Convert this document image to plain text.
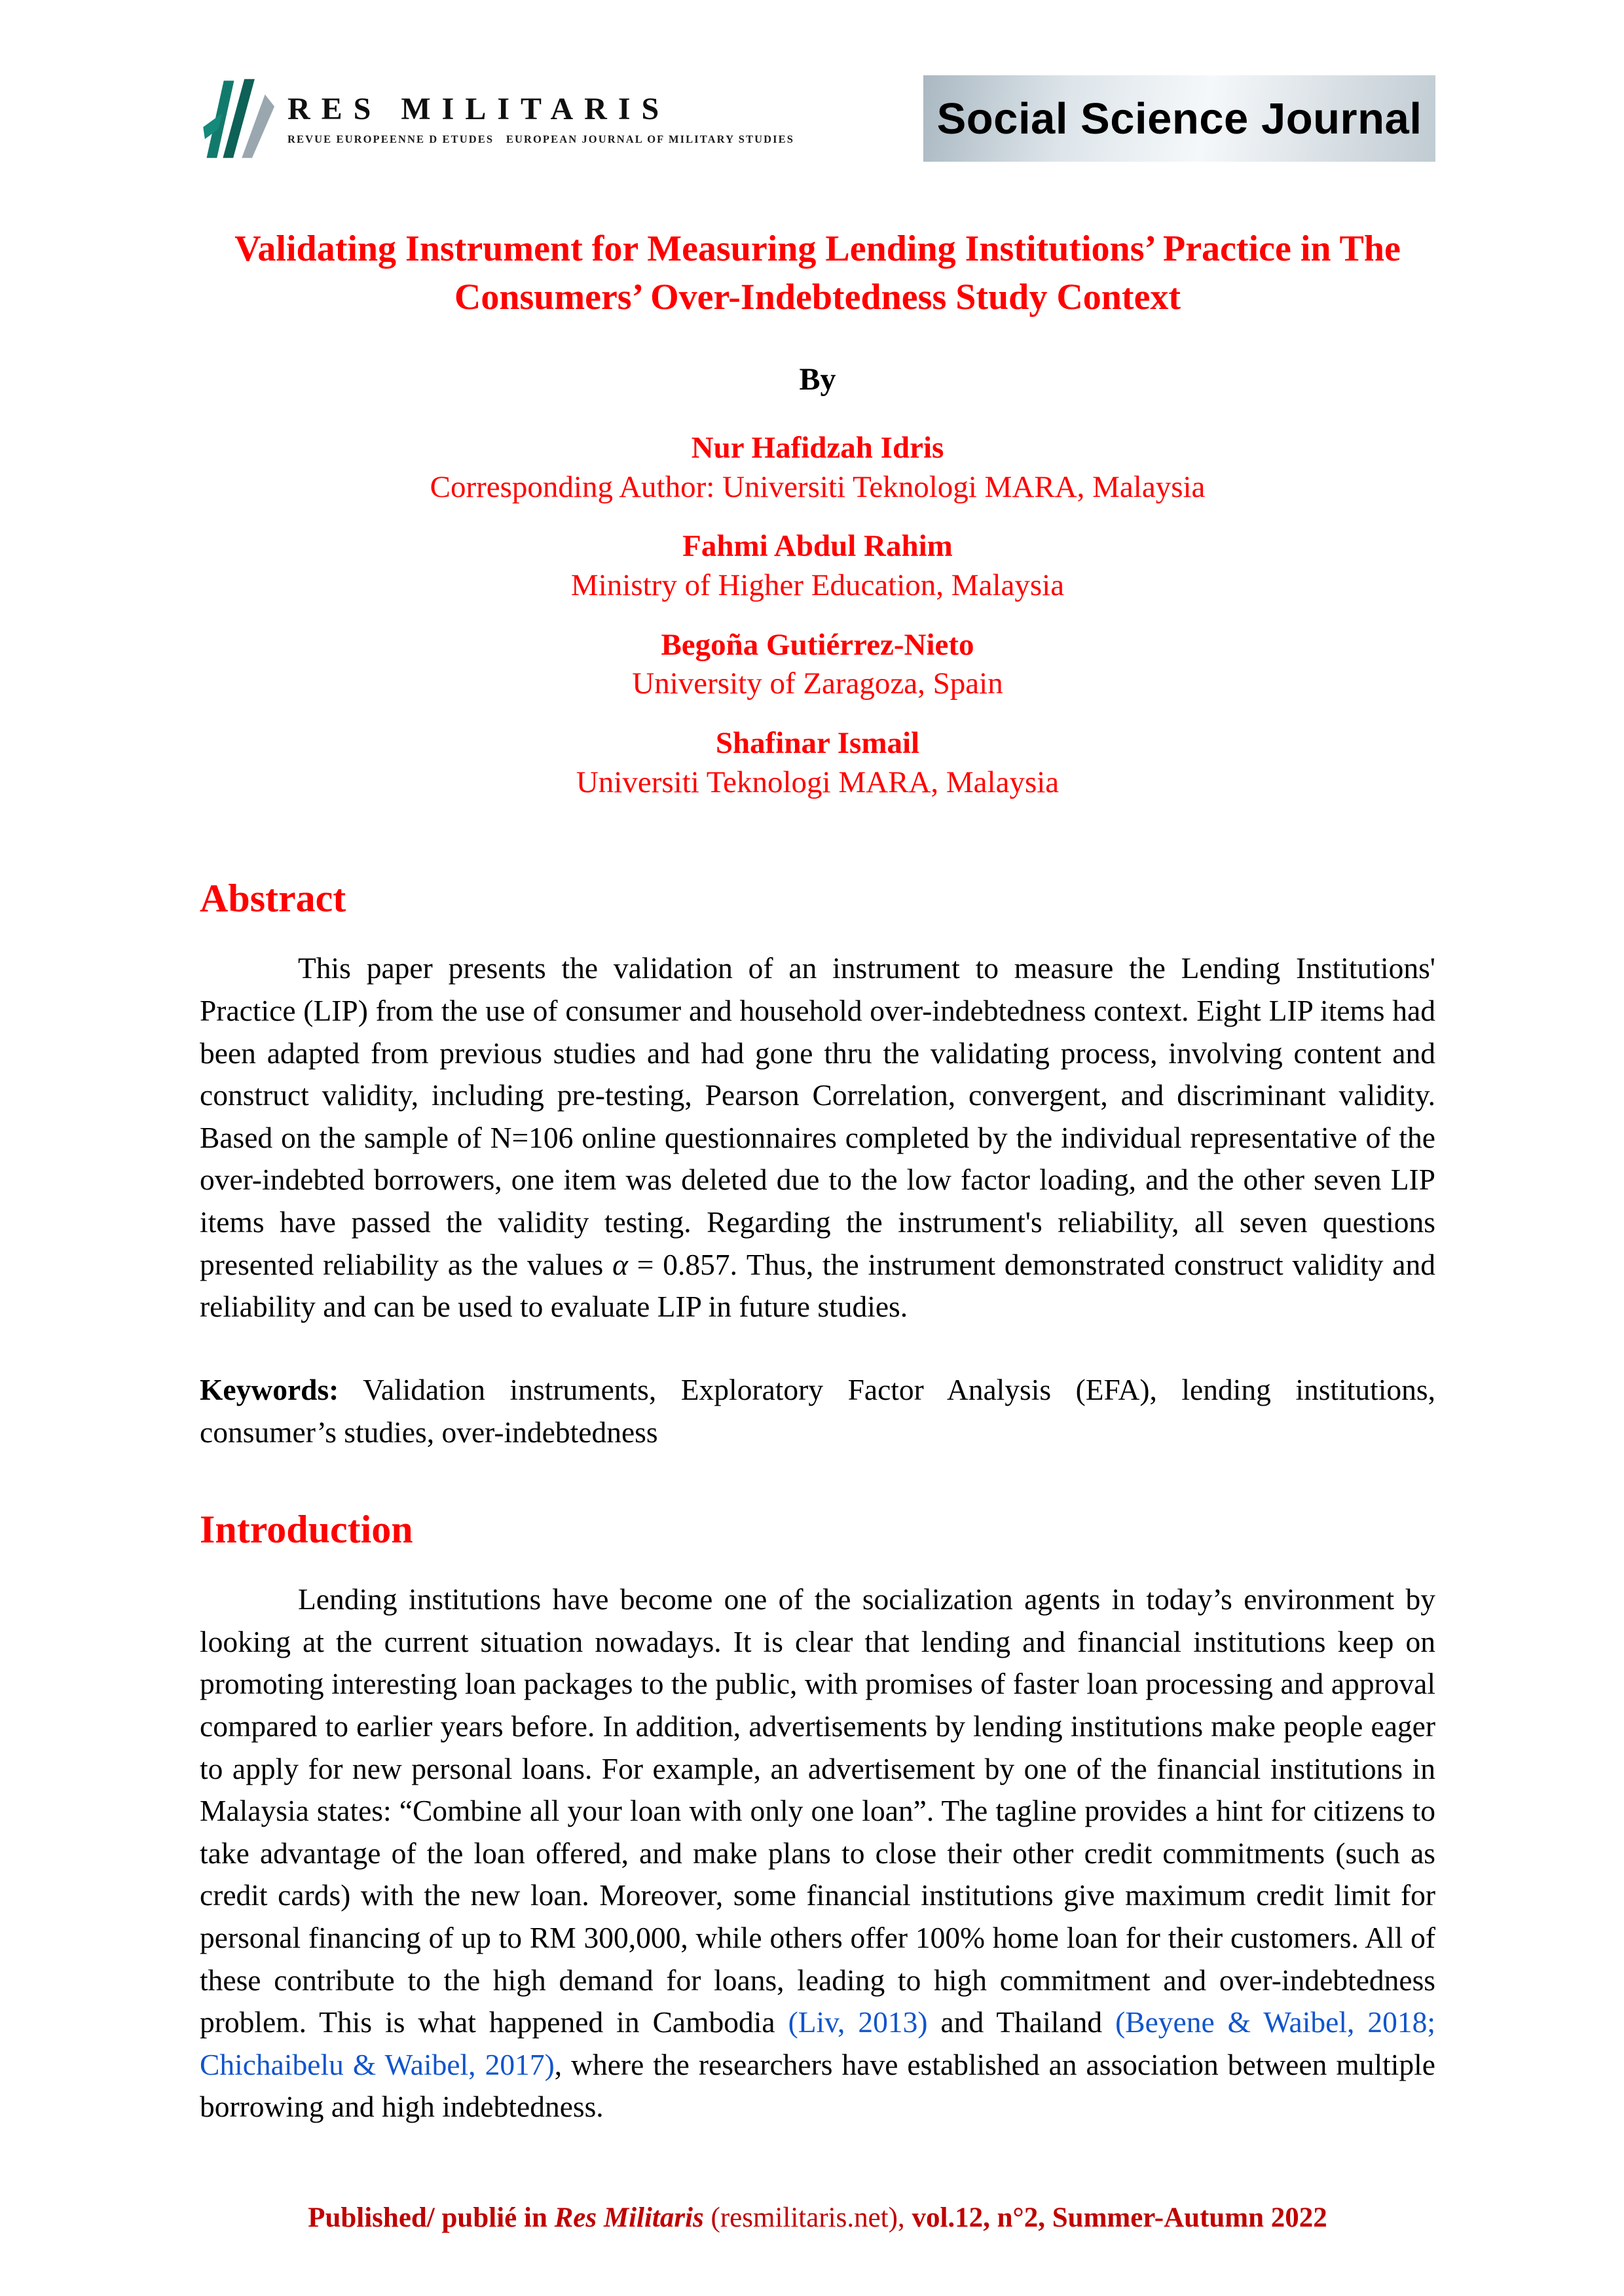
RES MILITARIS
REVUE EUROPEENNE D ETUDES   EUROPEAN JOURNAL OF MILITARY STUDIES	Social Science Journal
Validating Instrument for Measuring Lending Institutions’ Practice in The Consumers’ Over-Indebtedness Study Context
By
Nur Hafidzah Idris
Corresponding Author: Universiti Teknologi MARA, Malaysia
Fahmi Abdul Rahim
Ministry of Higher Education, Malaysia
Begoña Gutiérrez-Nieto
University of Zaragoza, Spain
Shafinar Ismail
Universiti Teknologi MARA, Malaysia
Abstract

This paper presents the validation of an instrument to measure the Lending Institutions' Practice (LIP) from the use of consumer and household over-indebtedness context. Eight LIP items had been adapted from previous studies and had gone thru the validating process, involving content and construct validity, including pre-testing, Pearson Correlation, convergent, and discriminant validity. Based on the sample of N=106 online questionnaires completed by the individual representative of the over-indebted borrowers, one item was deleted due to the low factor loading, and the other seven LIP items have passed the validity testing. Regarding the instrument's reliability, all seven questions presented reliability as the values α = 0.857. Thus, the instrument demonstrated construct validity and reliability and can be used to evaluate LIP in future studies.

Keywords: Validation instruments, Exploratory Factor Analysis (EFA), lending institutions, consumer’s studies, over-indebtedness

Introduction

Lending institutions have become one of the socialization agents in today’s environment by looking at the current situation nowadays. It is clear that lending and financial institutions keep on promoting interesting loan packages to the public, with promises of faster loan processing and approval compared to earlier years before. In addition, advertisements by lending institutions make people eager to apply for new personal loans. For example, an advertisement by one of the financial institutions in Malaysia states: “Combine all your loan with only one loan”. The tagline provides a hint for citizens to take advantage of the loan offered, and make plans to close their other credit commitments (such as credit cards) with the new loan. Moreover, some financial institutions give maximum credit limit for personal financing of up to RM 300,000, while others offer 100% home loan for their customers. All of these contribute to the high demand for loans, leading to high commitment and over-indebtedness problem. This is what happened in Cambodia (Liv, 2013) and Thailand (Beyene & Waibel, 2018; Chichaibelu & Waibel, 2017), where the researchers have established an association between multiple borrowing and high indebtedness.

Published/ publié in Res Militaris (resmilitaris.net), vol.12, n°2, Summer-Autumn 2022
